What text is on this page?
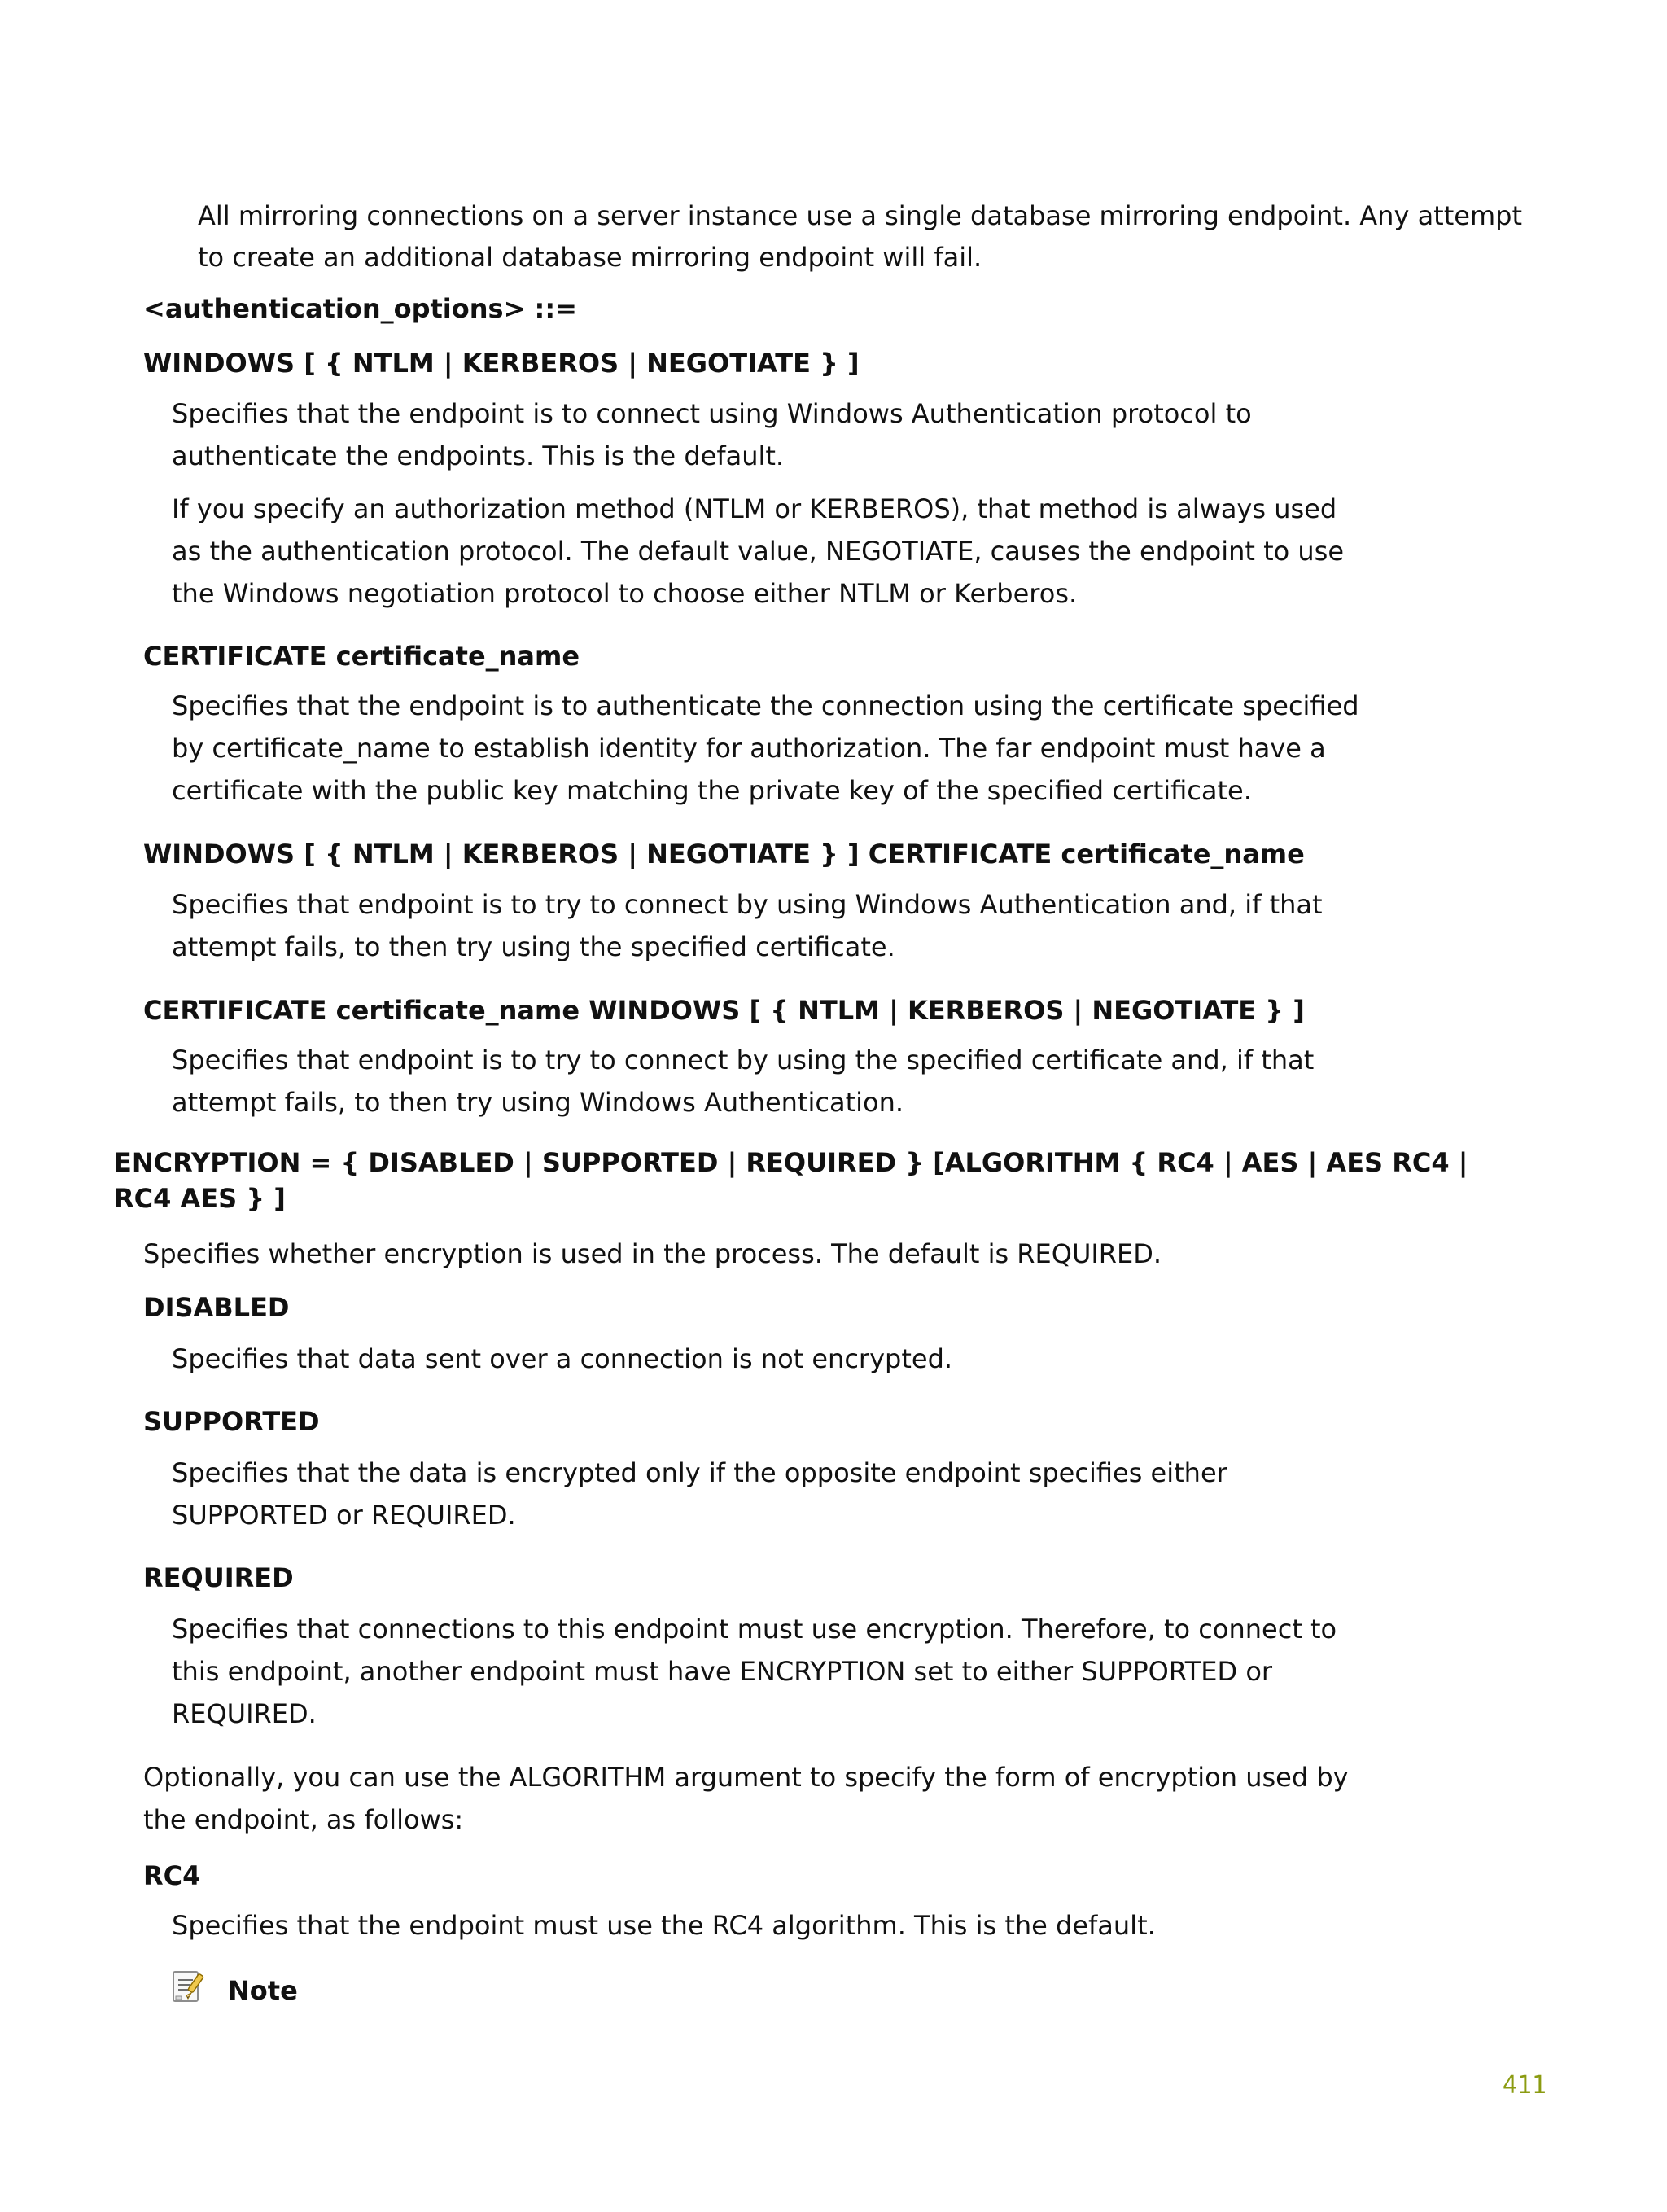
All mirroring connections on a server instance use a single database mirroring endpoint. Any attempt

to create an additional database mirroring endpoint will fail.

<authentication_options> ::=

WINDOWS [ { NTLM | KERBEROS | NEGOTIATE } ]

Specifies that the endpoint is to connect using Windows Authentication protocol to

authenticate the endpoints. This is the default.

If you specify an authorization method (NTLM or KERBEROS), that method is always used

as the authentication protocol. The default value, NEGOTIATE, causes the endpoint to use

the Windows negotiation protocol to choose either NTLM or Kerberos.

CERTIFICATE certificate_name

Specifies that the endpoint is to authenticate the connection using the certificate specified

by certificate_name to establish identity for authorization. The far endpoint must have a

certificate with the public key matching the private key of the specified certificate.

WINDOWS [ { NTLM | KERBEROS | NEGOTIATE } ] CERTIFICATE certificate_name

Specifies that endpoint is to try to connect by using Windows Authentication and, if that

attempt fails, to then try using the specified certificate.

CERTIFICATE certificate_name WINDOWS [ { NTLM | KERBEROS | NEGOTIATE } ]

Specifies that endpoint is to try to connect by using the specified certificate and, if that

attempt fails, to then try using Windows Authentication.

ENCRYPTION = { DISABLED | SUPPORTED | REQUIRED } [ALGORITHM { RC4 | AES | AES RC4 |

RC4 AES } ]

Specifies whether encryption is used in the process. The default is REQUIRED.

DISABLED

Specifies that data sent over a connection is not encrypted.

SUPPORTED

Specifies that the data is encrypted only if the opposite endpoint specifies either

SUPPORTED or REQUIRED.

REQUIRED

Specifies that connections to this endpoint must use encryption. Therefore, to connect to

this endpoint, another endpoint must have ENCRYPTION set to either SUPPORTED or

REQUIRED.

Optionally, you can use the ALGORITHM argument to specify the form of encryption used by

the endpoint, as follows:

RC4

Specifies that the endpoint must use the RC4 algorithm. This is the default.

Note
411
